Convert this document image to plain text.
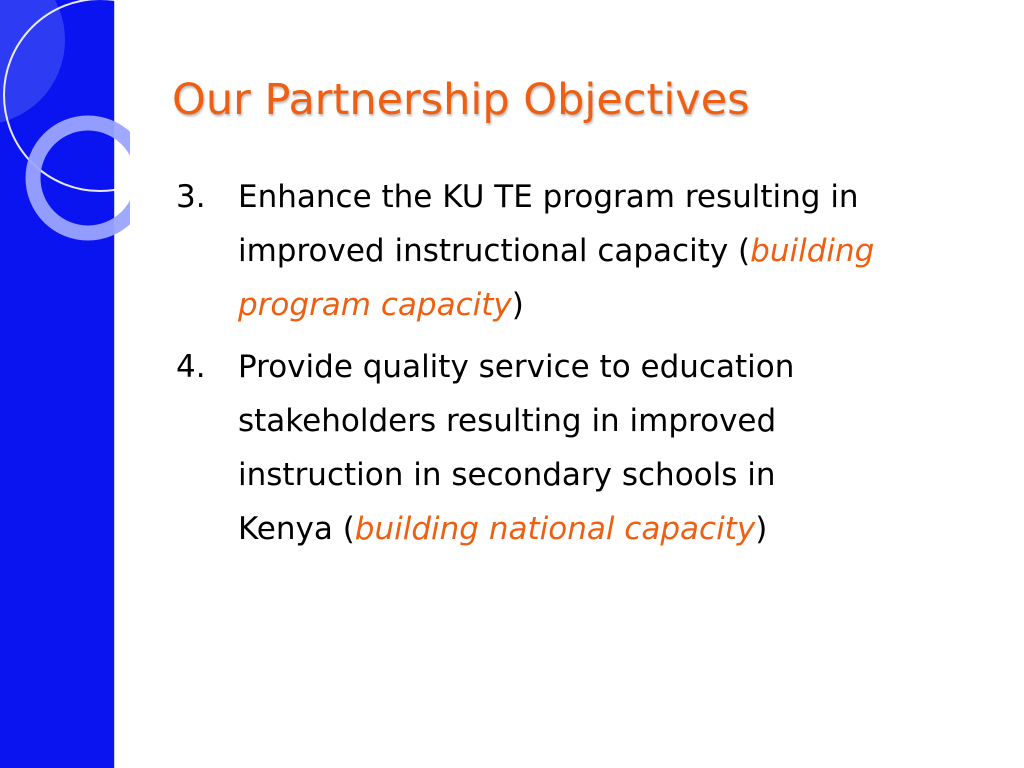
Our Partnership Objectives
3. Enhance the KU TE program resulting in
improved instructional capacity (building
program capacity)
4. Provide quality service to education
stakeholders resulting in improved
instruction in secondary schools in
Kenya (building national capacity)
